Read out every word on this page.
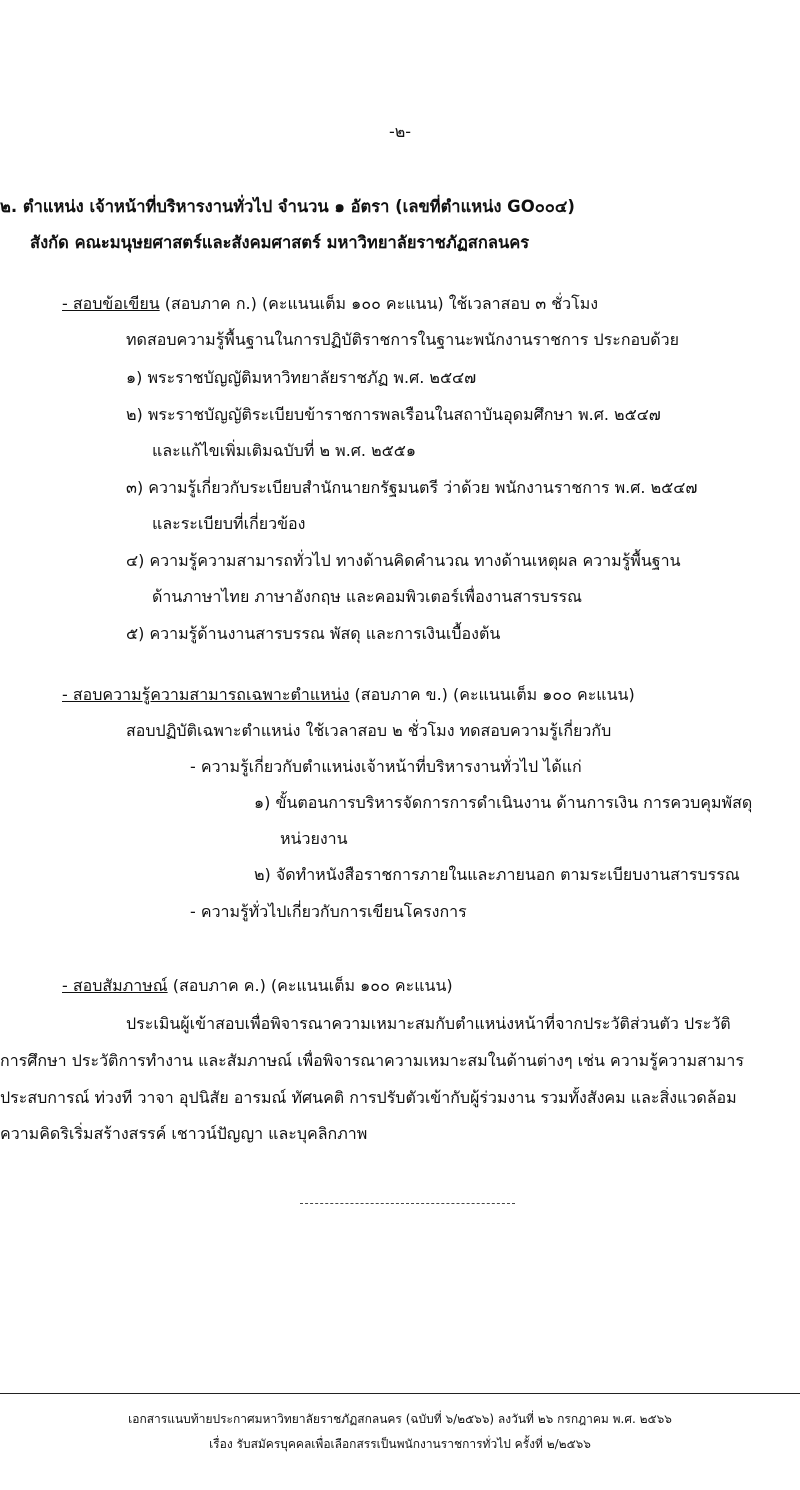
-๒-
๒. ตำแหน่ง เจ้าหน้าที่บริหารงานทั่วไป จำนวน ๑ อัตรา (เลขที่ตำแหน่ง GO๐๐๔)
สังกัด คณะมนุษยศาสตร์และสังคมศาสตร์ มหาวิทยาลัยราชภัฏสกลนคร
- สอบข้อเขียน (สอบภาค ก.) (คะแนนเต็ม ๑๐๐ คะแนน) ใช้เวลาสอบ ๓ ชั่วโมง
ทดสอบความรู้พื้นฐานในการปฏิบัติราชการในฐานะพนักงานราชการ ประกอบด้วย
๑) พระราชบัญญัติมหาวิทยาลัยราชภัฏ พ.ศ. ๒๕๔๗
๒) พระราชบัญญัติระเบียบข้าราชการพลเรือนในสถาบันอุดมศึกษา พ.ศ. ๒๕๔๗
และแก้ไขเพิ่มเติมฉบับที่ ๒ พ.ศ. ๒๕๕๑
๓) ความรู้เกี่ยวกับระเบียบสำนักนายกรัฐมนตรี ว่าด้วย พนักงานราชการ พ.ศ. ๒๕๔๗
และระเบียบที่เกี่ยวข้อง
๔) ความรู้ความสามารถทั่วไป ทางด้านคิดคำนวณ ทางด้านเหตุผล ความรู้พื้นฐาน
ด้านภาษาไทย ภาษาอังกฤษ และคอมพิวเตอร์เพื่องานสารบรรณ
๕) ความรู้ด้านงานสารบรรณ พัสดุ และการเงินเบื้องต้น
- สอบความรู้ความสามารถเฉพาะตำแหน่ง (สอบภาค ข.) (คะแนนเต็ม ๑๐๐ คะแนน)
สอบปฏิบัติเฉพาะตำแหน่ง ใช้เวลาสอบ ๒ ชั่วโมง ทดสอบความรู้เกี่ยวกับ
- ความรู้เกี่ยวกับตำแหน่งเจ้าหน้าที่บริหารงานทั่วไป ได้แก่
๑) ขั้นตอนการบริหารจัดการการดำเนินงาน ด้านการเงิน การควบคุมพัสดุ
หน่วยงาน
๒) จัดทำหนังสือราชการภายในและภายนอก ตามระเบียบงานสารบรรณ
- ความรู้ทั่วไปเกี่ยวกับการเขียนโครงการ
- สอบสัมภาษณ์ (สอบภาค ค.) (คะแนนเต็ม ๑๐๐ คะแนน)
ประเมินผู้เข้าสอบเพื่อพิจารณาความเหมาะสมกับตำแหน่งหน้าที่จากประวัติส่วนตัว ประวัติ
การศึกษา ประวัติการทำงาน และสัมภาษณ์ เพื่อพิจารณาความเหมาะสมในด้านต่างๆ เช่น ความรู้ความสามาร
ประสบการณ์ ท่วงที วาจา อุปนิสัย อารมณ์ ทัศนคติ การปรับตัวเข้ากับผู้ร่วมงาน รวมทั้งสังคม และสิ่งแวดล้อม
ความคิดริเริ่มสร้างสรรค์ เชาวน์ปัญญา และบุคลิกภาพ
เอกสารแนบท้ายประกาศมหาวิทยาลัยราชภัฏสกลนคร (ฉบับที่ ๖/๒๕๖๖) ลงวันที่ ๒๖ กรกฎาคม พ.ศ. ๒๕๖๖
เรื่อง รับสมัครบุคคลเพื่อเลือกสรรเป็นพนักงานราชการทั่วไป ครั้งที่ ๒/๒๕๖๖
